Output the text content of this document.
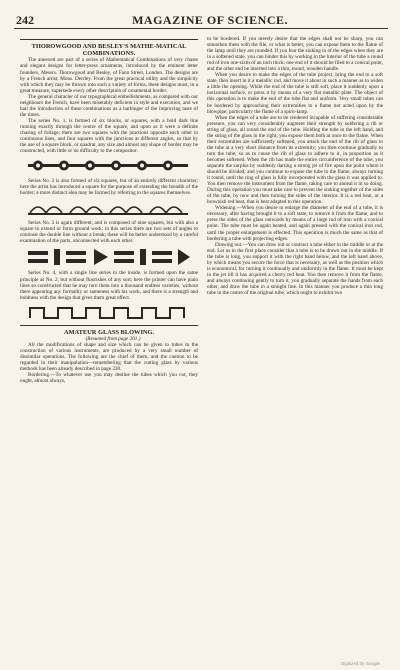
242	MAGAZINE OF SCIENCE.

THOROWGOOD AND BESLEY'S MATHE-MATICAL COMBINATIONS.

The annexed are part of a series of Mathematical Combinations of very chaste and elegant designs for letter-press ornaments, introduced by the eminent letter founders, Messrs. Thorowgood and Besley, of Fann Street, London. The designs are by a French artist, Mons. Derriey. From the great practical utility and the simplicity with which they may be thrown into such a variety of forms, these designs must, in a great measure, supersede every other description of ornamental border.

The general character of our typographical embellishments, as compared with our neighbours the French, have been miserably deficient in style and execution, and we hail the introduction of these combinations as a harbinger of the improving taste of the times.

The series No. 1, is formed of six blocks, or squares, with a bold dark line running exactly through the centre of the square, and upon as it were a definite chasing of foliage; there are two squares with the junctions opposite each other in continuous lines, and four squares with the junctions at different angles, so that by the use of a square block, or quadrat, any size and almost any shape of border may be constructed, with little or no difficulty to the compositor.

Series No. 2 is also formed of six squares, but of an entirely different character; here the artist has introduced a square for the purpose of extending the breadth of the border; a more distinct idea may be formed by referring to the squares themselves.

Series No. 3 is again different, and is composed of nine squares, but with also a square to extend or form ground work; in this series there are two sets of angles to continue the double line without a break; these will be better understood by a careful examination of the parts, unconnected with each other.

Series No. 4, with a single line series in the inside, is formed upon the same principle as No. 2, but without flourishes of any sort; here the printer can have plain lines so constructed that he may turn them into a thousand endless varieties, without there appearing any formality or sameness with his work, and there is a strength and boldness with the design that gives them great effect.

AMATEUR GLASS BLOWING.

(Resumed from page 201.)

All the modifications of shape and size which can be given to tubes in the construction of various instruments, are produced by a very small number of dissimilar operations. The following are the chief of them, and the caution to be regarded in their manipulation—remembering that the cutting glass by various methods has been already described in page 230.

Bordering.—To whatever use you may destine the tubes which you cut, they ought, almost always,

to be bordered. If you merely desire that the edges shall not be sharp, you can smoothen them with the file, or what is better, you can expose them to the flame of the lamp until they are rounded. If you fear the sinking in of the edges when they are in a softened state, you can hinder this by working in the interior of the tube a round rod of iron one-sixth of an inch thick: one end of it should be filed to a conical point, and the other end be inserted into a thin, round, wooden handle.

When you desire to make the edges of the tube project, bring the end to a soft state, then insert in it a metallic rod, and move it about in such a manner as to widen a little the opening. While the end of the tube is still soft, place it suddenly upon a horizontal surface, or press it by means of a very flat metallic plate. The object of this operation is to make the end of the tube flat and uniform. Very small tubes can be bordered by approaching their extremities to a flame not acted upon by the blowpipe; particularly the flame of a spirit-lamp.

When the edges of a tube are to be rendered incapable of suffering considerable pressure, you can very considerably augment their strength by soldering a rib or string of glass, all round the end of the tube. Holding the tube in the left hand, and the string of the glass in the right, you expose them both at once to the flame. When their extremities are sufficiently softened, you attach the end of the rib of glass to the tube at a very short distance from its extremity; you then continue gradually to turn the tube, so as to cause the rib of glass to adhere to it, in proportion as it becomes softened. When the rib has made the entire circumference of the tube, you separate the surplus by suddenly darting a strong jet of fire upon the point where it should be divided; and you continue to expose the tube to the flame, always turning it round, until the ring of glass is fully incorporated with the glass it was applied to. You then remove the instrument from the flame, taking care to anneal it in so doing. During this operation you must take care to prevent the sinking together of the sides of the tube, by now and then turning the sides of the interior. It is a red heat, or a brownish red heat, that is best adapted to this operation.

Widening.—When you desire to enlarge the diameter of the end of a tube, it is necessary, after having brought it to a soft state, to remove it from the flame, and to press the sides of the glass outwards by means of a large rod of iron with a conical point. The tube must be again heated, and again pressed with the conical iron rod, until the proper enlargement is effected. This operation is much the same as that of bordering a tube with projecting edges.

Drawing out.—You can draw out or contract a tube either in the middle or at the end. Let us in the first place consider that a tube is to be drawn out in the middle. If the tube is long, you support it with the right hand below, and the left hand above, by which means you secure the force that is necessary, as well as the position which is economical, for turning it continually and uniformly in the flame. It must be kept in the jet till it has acquired a cherry red heat. You then remove it from the flame, and always continuing gently to turn it, you gradually separate the hands from each other, and draw the tube in a straight line. In this manner you produce a thin long tube in the centre of the original tube, which ought to exhibit two

Digitized by Google
